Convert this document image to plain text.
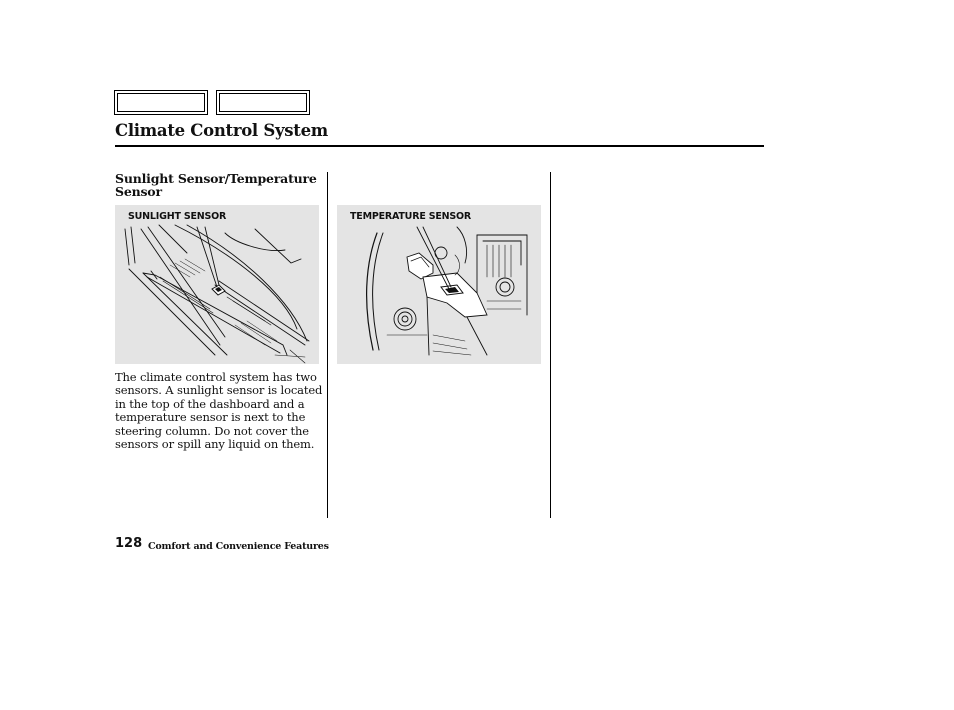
Climate Control System
Sunlight Sensor/Temperature Sensor
SUNLIGHT SENSOR	TEMPERATURE SENSOR

The climate control system has two sensors. A sunlight sensor is located in the top of the dashboard and a temperature sensor is next to the steering column. Do not cover the sensors or spill any liquid on them.

128 Comfort and Convenience Features
